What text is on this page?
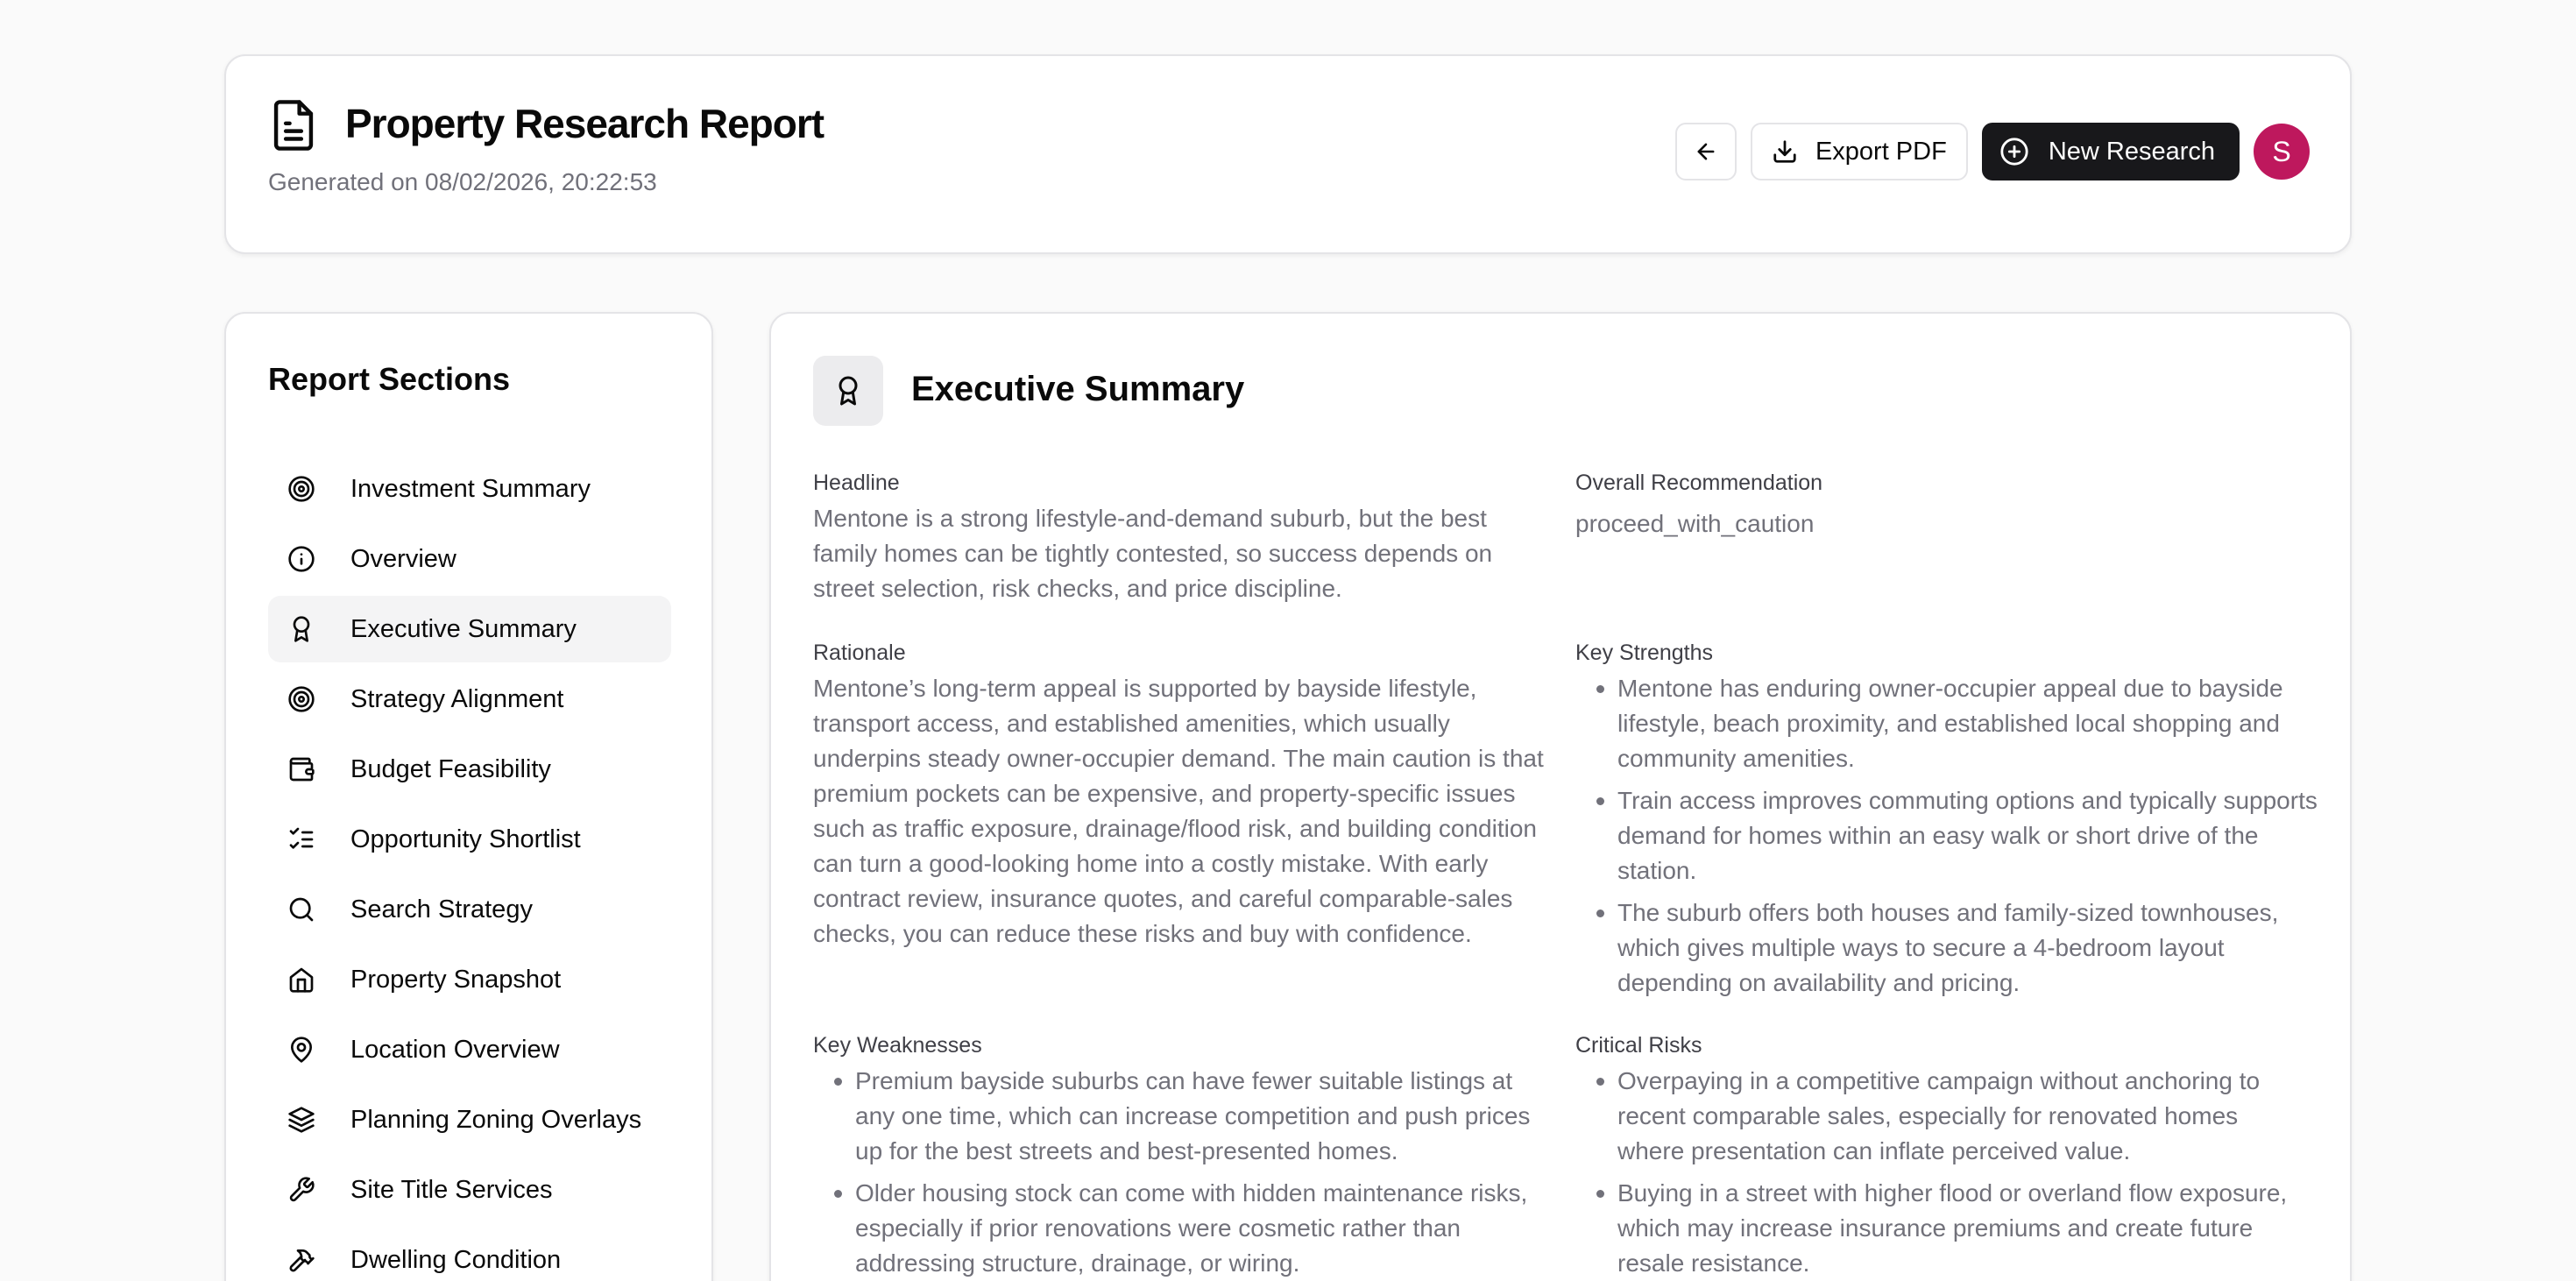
Property Research Report
Generated on 08/02/2026, 20:22:53
Export PDF	New Research	S
Report Sections
Investment Summary
Overview
Executive Summary
Strategy Alignment
Budget Feasibility
Opportunity Shortlist
Search Strategy
Property Snapshot
Location Overview
Planning Zoning Overlays
Site Title Services
Dwelling Condition
Executive Summary
Headline
Mentone is a strong lifestyle-and-demand suburb, but the best family homes can be tightly contested, so success depends on street selection, risk checks, and price discipline.
Overall Recommendation
proceed_with_caution
Rationale
Mentone’s long-term appeal is supported by bayside lifestyle, transport access, and established amenities, which usually underpins steady owner-occupier demand. The main caution is that premium pockets can be expensive, and property-specific issues such as traffic exposure, drainage/flood risk, and building condition can turn a good-looking home into a costly mistake. With early contract review, insurance quotes, and careful comparable-sales checks, you can reduce these risks and buy with confidence.
Key Strengths
Mentone has enduring owner-occupier appeal due to bayside lifestyle, beach proximity, and established local shopping and community amenities.
Train access improves commuting options and typically supports demand for homes within an easy walk or short drive of the station.
The suburb offers both houses and family-sized townhouses, which gives multiple ways to secure a 4-bedroom layout depending on availability and pricing.
Key Weaknesses
Premium bayside suburbs can have fewer suitable listings at any one time, which can increase competition and push prices up for the best streets and best-presented homes.
Older housing stock can come with hidden maintenance risks, especially if prior renovations were cosmetic rather than addressing structure, drainage, or wiring.
Critical Risks
Overpaying in a competitive campaign without anchoring to recent comparable sales, especially for renovated homes where presentation can inflate perceived value.
Buying in a street with higher flood or overland flow exposure, which may increase insurance premiums and create future resale resistance.
